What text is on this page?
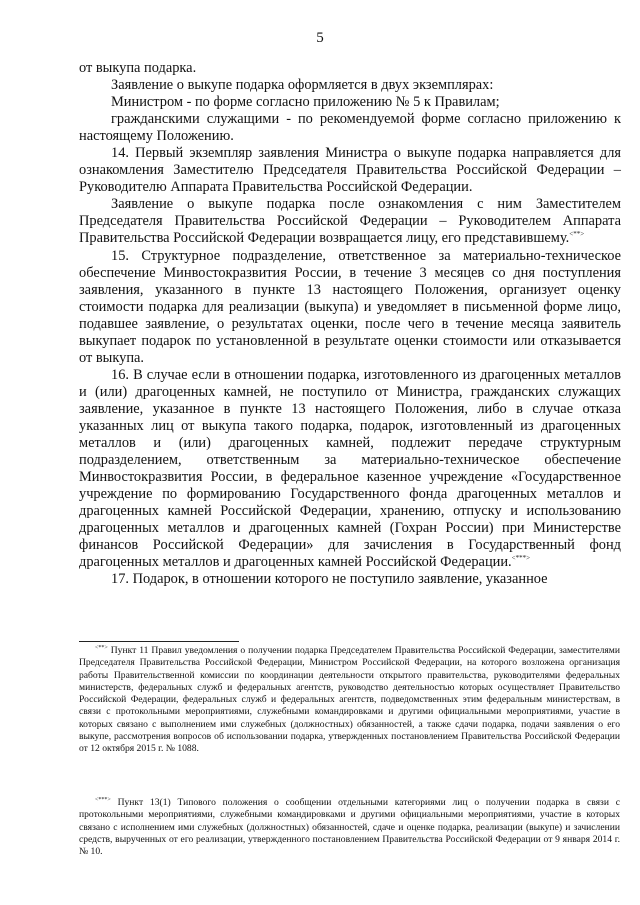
5

от выкупа подарка.

Заявление о выкупе подарка оформляется в двух экземплярах:

Министром - по форме согласно приложению № 5 к Правилам;

гражданскими служащими - по рекомендуемой форме согласно приложению к настоящему Положению.

14. Первый экземпляр заявления Министра о выкупе подарка направляется для ознакомления Заместителю Председателя Правительства Российской Федерации – Руководителю Аппарата Правительства Российской Федерации.

Заявление о выкупе подарка после ознакомления с ним Заместителем Председателя Правительства Российской Федерации – Руководителем Аппарата Правительства Российской Федерации возвращается лицу, его представившему.<**>

15. Структурное подразделение, ответственное за материально-техническое обеспечение Минвостокразвития России, в течение 3 месяцев со дня поступления заявления, указанного в пункте 13 настоящего Положения, организует оценку стоимости подарка для реализации (выкупа) и уведомляет в письменной форме лицо, подавшее заявление, о результатах оценки, после чего в течение месяца заявитель выкупает подарок по установленной в результате оценки стоимости или отказывается от выкупа.

16. В случае если в отношении подарка, изготовленного из драгоценных металлов и (или) драгоценных камней, не поступило от Министра, гражданских служащих заявление, указанное в пункте 13 настоящего Положения, либо в случае отказа указанных лиц от выкупа такого подарка, подарок, изготовленный из драгоценных металлов и (или) драгоценных камней, подлежит передаче структурным подразделением, ответственным за материально-техническое обеспечение Минвостокразвития России, в федеральное казенное учреждение «Государственное учреждение по формированию Государственного фонда драгоценных металлов и драгоценных камней Российской Федерации, хранению, отпуску и использованию драгоценных металлов и драгоценных камней (Гохран России) при Министерстве финансов Российской Федерации» для зачисления в Государственный фонд драгоценных металлов и драгоценных камней Российской Федерации.<***>

17. Подарок, в отношении которого не поступило заявление, указанное

<**> Пункт 11 Правил уведомления о получении подарка Председателем Правительства Российской Федерации, заместителями Председателя Правительства Российской Федерации, Министром Российской Федерации, на которого возложена организация работы Правительственной комиссии по координации деятельности открытого правительства, руководителями федеральных министерств, федеральных служб и федеральных агентств, руководство деятельностью которых осуществляет Правительство Российской Федерации, федеральных служб и федеральных агентств, подведомственных этим федеральным министерствам, в связи с протокольными мероприятиями, служебными командировками и другими официальными мероприятиями, участие в которых связано с выполнением ими служебных (должностных) обязанностей, а также сдачи подарка, подачи заявления о его выкупе, рассмотрения вопросов об использовании подарка, утвержденных постановлением Правительства Российской Федерации от 12 октября 2015 г. № 1088.

<***> Пункт 13(1) Типового положения о сообщении отдельными категориями лиц о получении подарка в связи с протокольными мероприятиями, служебными командировками и другими официальными мероприятиями, участие в которых связано с исполнением ими служебных (должностных) обязанностей, сдаче и оценке подарка, реализации (выкупе) и зачислении средств, вырученных от его реализации, утвержденного постановлением Правительства Российской Федерации от 9 января 2014 г. № 10.
